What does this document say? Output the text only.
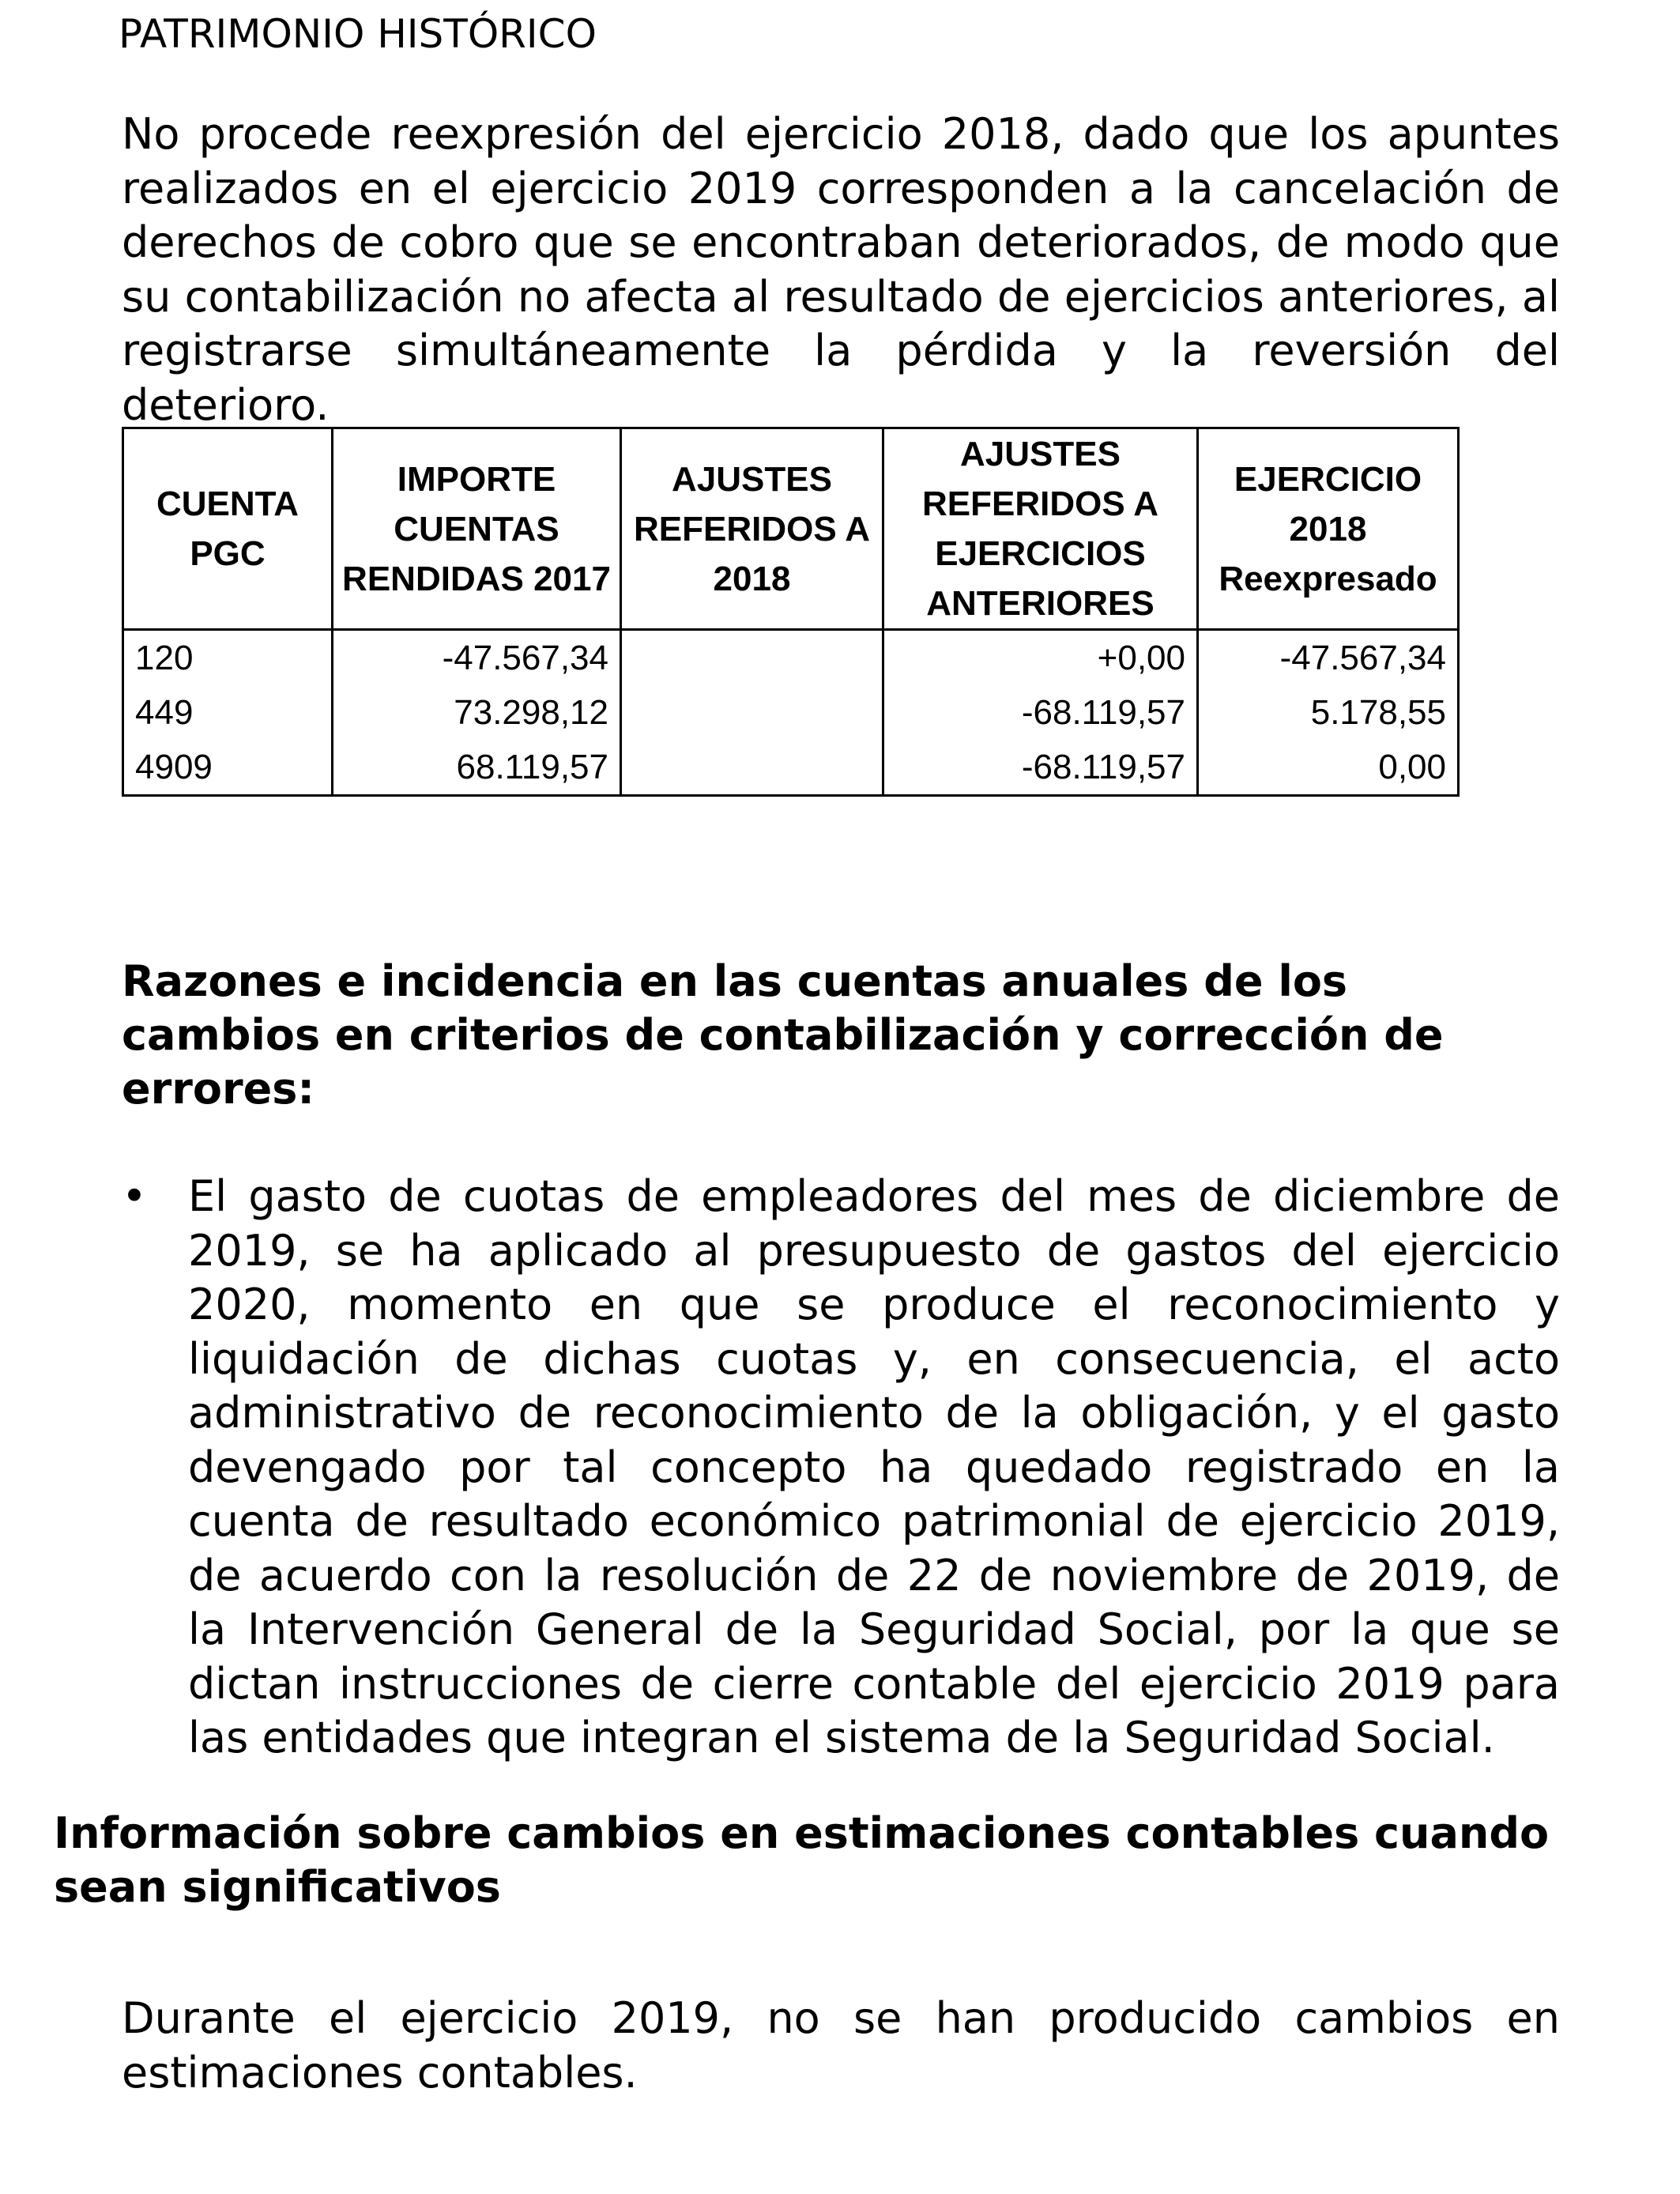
PATRIMONIO HISTÓRICO

No procede reexpresión del ejercicio 2018, dado que los apuntes realizados en el ejercicio 2019 corresponden a la cancelación de derechos de cobro que se encontraban deteriorados, de modo que su contabilización no afecta al resultado de ejercicios anteriores, al registrarse simultáneamente la pérdida y la reversión del deterioro.

CUENTA PGC	IMPORTE CUENTAS RENDIDAS 2017	AJUSTES REFERIDOS A 2018	AJUSTES REFERIDOS A EJERCICIOS ANTERIORES	EJERCICIO 2018 Reexpresado
120	-47.567,34		+0,00	-47.567,34
449	73.298,12		-68.119,57	5.178,55
4909	68.119,57		-68.119,57	0,00
Razones e incidencia en las cuentas anuales de los cambios en criterios de contabilización y corrección de errores:
• El gasto de cuotas de empleadores del mes de diciembre de 2019, se ha aplicado al presupuesto de gastos del ejercicio 2020, momento en que se produce el reconocimiento y liquidación de dichas cuotas y, en consecuencia, el acto administrativo de reconocimiento de la obligación, y el gasto devengado por tal concepto ha quedado registrado en la cuenta de resultado económico patrimonial de ejercicio 2019, de acuerdo con la resolución de 22 de noviembre de 2019, de la Intervención General de la Seguridad Social, por la que se dictan instrucciones de cierre contable del ejercicio 2019 para las entidades que integran el sistema de la Seguridad Social.
Información sobre cambios en estimaciones contables cuando sean significativos

Durante el ejercicio 2019, no se han producido cambios en estimaciones contables.
